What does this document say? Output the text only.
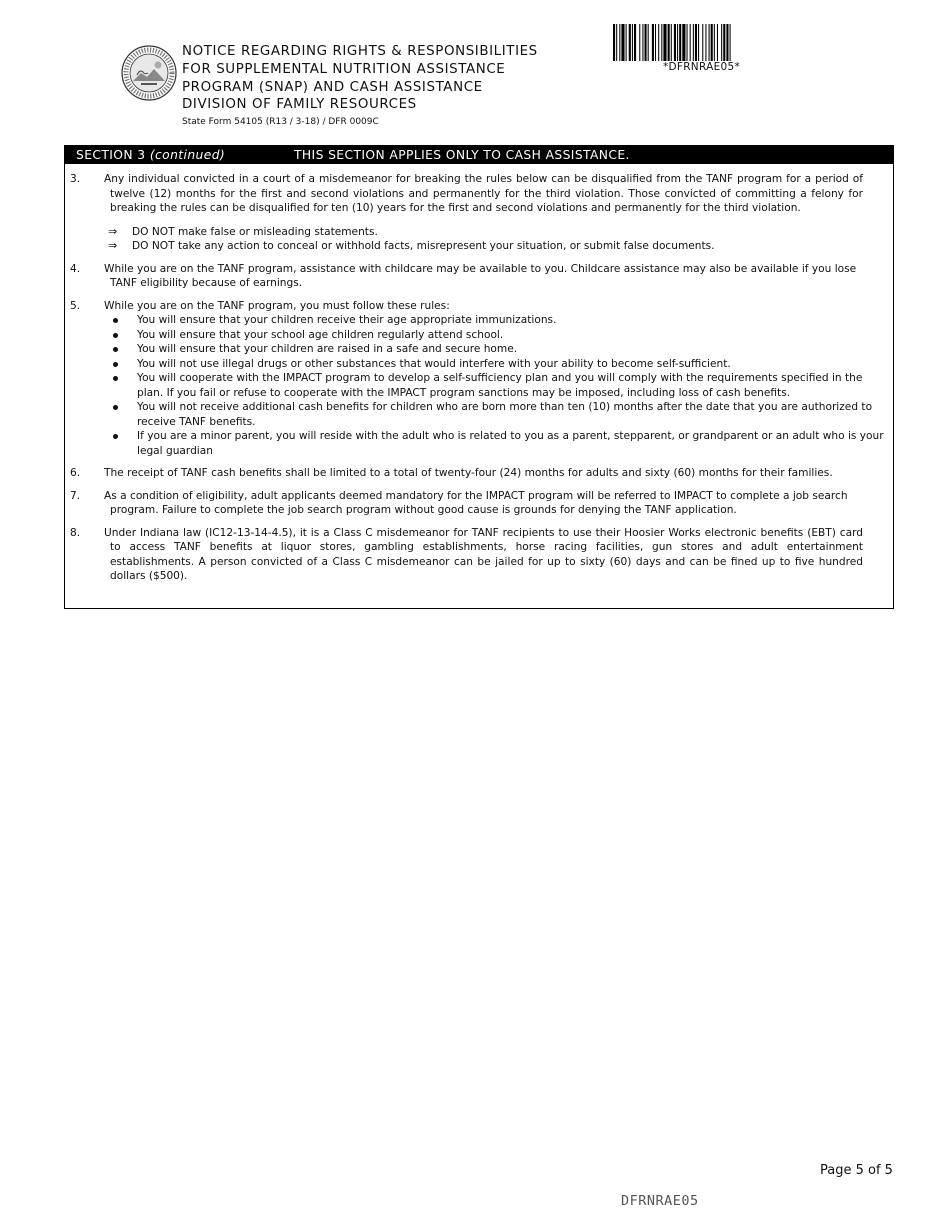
NOTICE REGARDING RIGHTS & RESPONSIBILITIES
FOR SUPPLEMENTAL NUTRITION ASSISTANCE
PROGRAM (SNAP) AND CASH ASSISTANCE
DIVISION OF FAMILY RESOURCES
State Form 54105 (R13 / 3-18) / DFR 0009C
*DFRNRAE05*
SECTION 3 (continued)	THIS SECTION APPLIES ONLY TO CASH ASSISTANCE.
3. Any individual convicted in a court of a misdemeanor for breaking the rules below can be disqualified from the TANF program for a period of twelve (12) months for the first and second violations and permanently for the third violation. Those convicted of committing a felony for breaking the rules can be disqualified for ten (10) years for the first and second violations and permanently for the third violation.
⇒ DO NOT make false or misleading statements.
⇒ DO NOT take any action to conceal or withhold facts, misrepresent your situation, or submit false documents.
4. While you are on the TANF program, assistance with childcare may be available to you. Childcare assistance may also be available if you lose TANF eligibility because of earnings.
5. While you are on the TANF program, you must follow these rules:
You will ensure that your children receive their age appropriate immunizations.
You will ensure that your school age children regularly attend school.
You will ensure that your children are raised in a safe and secure home.
You will not use illegal drugs or other substances that would interfere with your ability to become self-sufficient.
You will cooperate with the IMPACT program to develop a self-sufficiency plan and you will comply with the requirements specified in the plan. If you fail or refuse to cooperate with the IMPACT program sanctions may be imposed, including loss of cash benefits.
You will not receive additional cash benefits for children who are born more than ten (10) months after the date that you are authorized to receive TANF benefits.
If you are a minor parent, you will reside with the adult who is related to you as a parent, stepparent, or grandparent or an adult who is your legal guardian
6. The receipt of TANF cash benefits shall be limited to a total of twenty-four (24) months for adults and sixty (60) months for their families.
7. As a condition of eligibility, adult applicants deemed mandatory for the IMPACT program will be referred to IMPACT to complete a job search program. Failure to complete the job search program without good cause is grounds for denying the TANF application.
8. Under Indiana law (IC12-13-14-4.5), it is a Class C misdemeanor for TANF recipients to use their Hoosier Works electronic benefits (EBT) card to access TANF benefits at liquor stores, gambling establishments, horse racing facilities, gun stores and adult entertainment establishments. A person convicted of a Class C misdemeanor can be jailed for up to sixty (60) days and can be fined up to five hundred dollars ($500).
Page 5 of 5
DFRNRAE05
